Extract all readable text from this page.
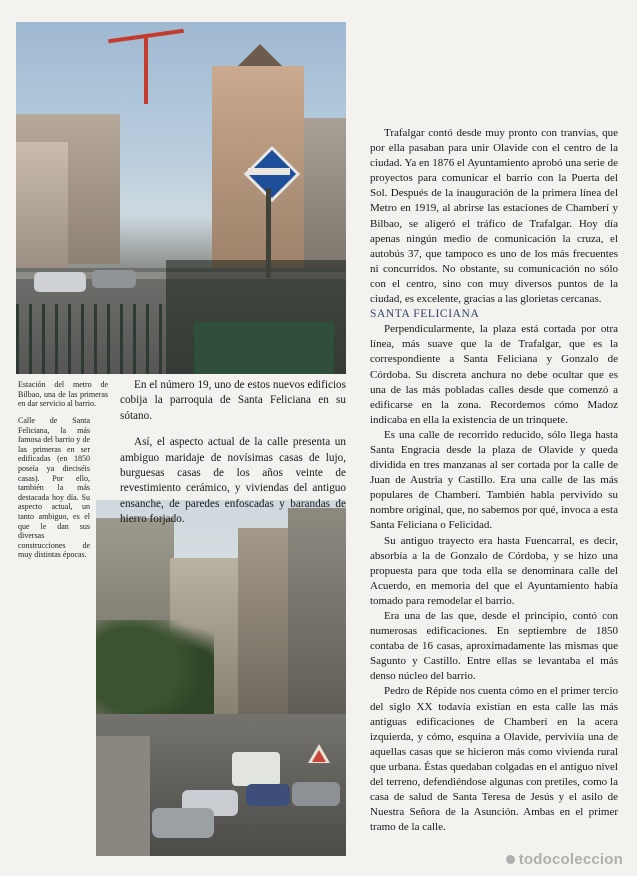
Estación del metro de Bilbao, una de las primeras en dar servicio al barrio.
Calle de Santa Feliciana, la más famosa del barrio y de las primeras en ser edificadas (en 1850 poseía ya dieciséis casas). Por ello, también la más destacada hoy día. Su aspecto actual, un tanto ambiguo, es el que le dan sus diversas construcciones de muy distintas épocas.

En el número 19, uno de estos nuevos edificios cobija la parroquia de Santa Feliciana en su sótano.

Así, el aspecto actual de la calle presenta un ambiguo maridaje de novísimas casas de lujo, burguesas casas de los años veinte de revestimiento cerámico, y viviendas del antiguo ensanche, de paredes enfoscadas y barandas de hierro forjado.

Trafalgar contó desde muy pronto con tranvías, que por ella pasaban para unir Olavide con el centro de la ciudad. Ya en 1876 el Ayuntamiento aprobó una serie de proyectos para comunicar el barrio con la Puerta del Sol. Después de la inauguración de la primera línea del Metro en 1919, al abrirse las estaciones de Chamberí y Bilbao, se aligeró el tráfico de Trafalgar. Hoy día apenas ningún medio de comunicación la cruza, el autobús 37, que tampoco es uno de los más frecuentes ni concurridos. No obstante, su comunicación no sólo con el centro, sino con muy diversos puntos de la ciudad, es excelente, gracias a las glorietas cercanas.

SANTA FELICIANA

Perpendicularmente, la plaza está cortada por otra línea, más suave que la de Trafalgar, que es la correspondiente a Santa Feliciana y Gonzalo de Córdoba. Su discreta anchura no debe ocultar que es una de las más pobladas calles desde que comenzó a edificarse en la zona. Recordemos cómo Madoz indicaba en ella la existencia de un trinquete.

Es una calle de recorrido reducido, sólo llega hasta Santa Engracia desde la plaza de Olavide y queda dividida en tres manzanas al ser cortada por la calle de Juan de Austria y Castillo. Era una calle de las más populares de Chamberí. También habla pervivido su nombre original, que, no sabemos por qué, invoca a esta Santa Feliciana o Felicidad.

Su antiguo trayecto era hasta Fuencarral, es decir, absorbía a la de Gonzalo de Córdoba, y se hizo una propuesta para que toda ella se denominara calle del Acuerdo, en memoria del que el Ayuntamiento había tomado para remodelar el barrio.

Era una de las que, desde el principio, contó con numerosas edificaciones. En septiembre de 1850 contaba de 16 casas, aproximadamente las mismas que Sagunto y Castillo. Entre ellas se levantaba el más denso núcleo del barrio.

Pedro de Répide nos cuenta cómo en el primer tercio del siglo XX todavía existían en esta calle las más antiguas edificaciones de Chamberí en la acera izquierda, y cómo, esquina a Olavide, perviviía una de aquellas casas que se hicieron más como vivienda rural que urbana. Éstas quedaban colgadas en el antiguo nivel del terreno, defendiéndose algunas con pretiles, como la casa de salud de Santa Teresa de Jesús y el asilo de Nuestra Señora de la Asunción. Ambas en el primer tramo de la calle.

todocoleccion
